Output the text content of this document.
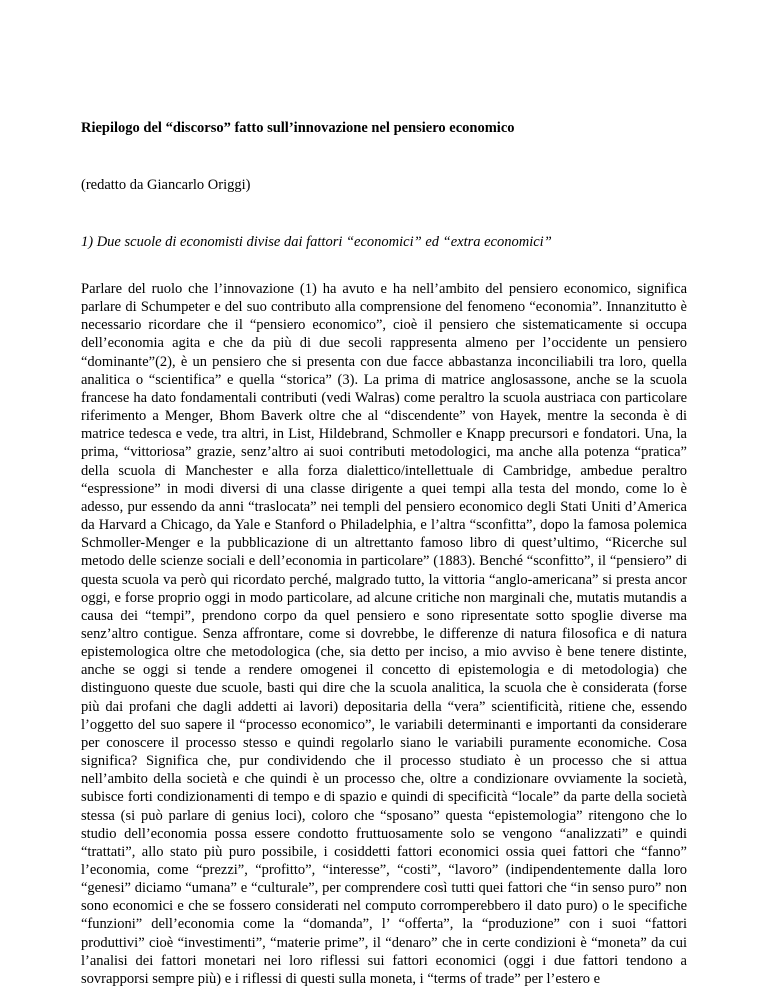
Riepilogo del “discorso” fatto sull’innovazione nel pensiero economico

(redatto da Giancarlo Origgi)

1) Due scuole di economisti divise dai fattori “economici” ed “extra economici”

Parlare del ruolo che l’innovazione (1) ha avuto e ha nell’ambito del pensiero economico, significa parlare di Schumpeter e del suo contributo alla comprensione del fenomeno “economia”. Innanzitutto è necessario ricordare che il “pensiero economico”, cioè il pensiero che sistematicamente si occupa dell’economia agita e che da più di due secoli rappresenta almeno per l’occidente un pensiero “dominante”(2), è un pensiero che si presenta con due facce abbastanza inconciliabili tra loro, quella analitica o “scientifica” e quella “storica” (3). La prima di matrice anglosassone, anche se la scuola francese ha dato fondamentali contributi (vedi Walras) come peraltro la scuola austriaca con particolare riferimento a Menger, Bhom Baverk oltre che al “discendente” von Hayek, mentre la seconda è di matrice tedesca e vede, tra altri, in List, Hildebrand, Schmoller e Knapp precursori e fondatori. Una, la prima, “vittoriosa” grazie, senz’altro ai suoi contributi metodologici, ma anche alla potenza “pratica” della scuola di Manchester e alla forza dialettico/intellettuale di Cambridge, ambedue peraltro “espressione” in modi diversi di una classe dirigente a quei tempi alla testa del mondo, come lo è adesso, pur essendo da anni “traslocata” nei templi del pensiero economico degli Stati Uniti d’America da Harvard a Chicago, da Yale e Stanford o Philadelphia, e l’altra “sconfitta”, dopo la famosa polemica Schmoller-Menger e la pubblicazione di un altrettanto famoso libro di quest’ultimo, “Ricerche sul metodo delle scienze sociali e dell’economia in particolare” (1883). Benché “sconfitto”, il “pensiero” di questa scuola va però qui ricordato perché, malgrado tutto, la vittoria “anglo-americana” si presta ancor oggi, e forse proprio oggi in modo particolare, ad alcune critiche non marginali che, mutatis mutandis a causa dei “tempi”, prendono corpo da quel pensiero e sono ripresentate sotto spoglie diverse ma senz’altro contigue. Senza affrontare, come si dovrebbe, le differenze di natura filosofica e di natura epistemologica oltre che metodologica (che, sia detto per inciso, a mio avviso è bene tenere distinte, anche se oggi si tende a rendere omogenei il concetto di epistemologia e di metodologia) che distinguono queste due scuole, basti qui dire che la scuola analitica, la scuola che è considerata (forse più dai profani che dagli addetti ai lavori) depositaria della “vera” scientificità, ritiene che, essendo l’oggetto del suo sapere il “processo economico”, le variabili determinanti e importanti da considerare per conoscere il processo stesso e quindi regolarlo siano le variabili puramente economiche. Cosa significa? Significa che, pur condividendo che il processo studiato è un processo che si attua nell’ambito della società e che quindi è un processo che, oltre a condizionare ovviamente la società, subisce forti condizionamenti di tempo e di spazio e quindi di specificità “locale” da parte della società stessa (si può parlare di genius loci), coloro che “sposano” questa “epistemologia” ritengono che lo studio dell’economia possa essere condotto fruttuosamente solo se vengono “analizzati” e quindi “trattati”, allo stato più puro possibile, i cosiddetti fattori economici ossia quei fattori che “fanno” l’economia, come “prezzi”, “profitto”, “interesse”, “costi”, “lavoro” (indipendentemente dalla loro “genesi” diciamo “umana” e “culturale”, per comprendere così tutti quei fattori che “in senso puro” non sono economici e che se fossero considerati nel computo corromperebbero il dato puro) o le specifiche “funzioni” dell’economia come la “domanda”, l’ “offerta”, la “produzione” con i suoi “fattori produttivi” cioè “investimenti”, “materie prime”, il “denaro” che in certe condizioni è “moneta” da cui l’analisi dei fattori monetari nei loro riflessi sui fattori economici (oggi i due fattori tendono a sovrapporsi sempre più) e i riflessi di questi sulla moneta, i “terms of trade” per l’estero e
